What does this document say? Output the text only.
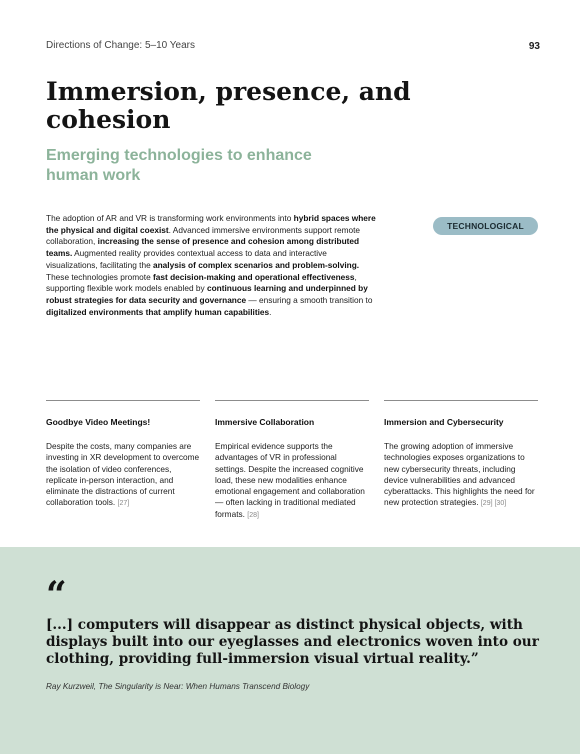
Directions of Change: 5–10 Years	93
Immersion, presence, and cohesion
Emerging technologies to enhance human work

The adoption of AR and VR is transforming work environments into hybrid spaces where the physical and digital coexist. Advanced immersive environments support remote collaboration, increasing the sense of presence and cohesion among distributed teams. Augmented reality provides contextual access to data and interactive visualizations, facilitating the analysis of complex scenarios and problem-solving. These technologies promote fast decision-making and operational effectiveness, supporting flexible work models enabled by continuous learning and underpinned by robust strategies for data security and governance — ensuring a smooth transition to digitalized environments that amplify human capabilities.

TECHNOLOGICAL
Goodbye Video Meetings!

Despite the costs, many companies are investing in XR development to overcome the isolation of video conferences, replicate in-person interaction, and eliminate the distractions of current collaboration tools. [27]

Immersive Collaboration

Empirical evidence supports the advantages of VR in professional settings. Despite the increased cognitive load, these new modalities enhance emotional engagement and collaboration — often lacking in traditional mediated formats. [28]

Immersion and Cybersecurity

The growing adoption of immersive technologies exposes organizations to new cybersecurity threats, including device vulnerabilities and advanced cyberattacks. This highlights the need for new protection strategies. [29] [30]

“

[...] computers will disappear as distinct physical objects, with displays built into our eyeglasses and electronics woven into our clothing, providing full-immersion visual virtual reality.”

Ray Kurzweil, The Singularity is Near: When Humans Transcend Biology
